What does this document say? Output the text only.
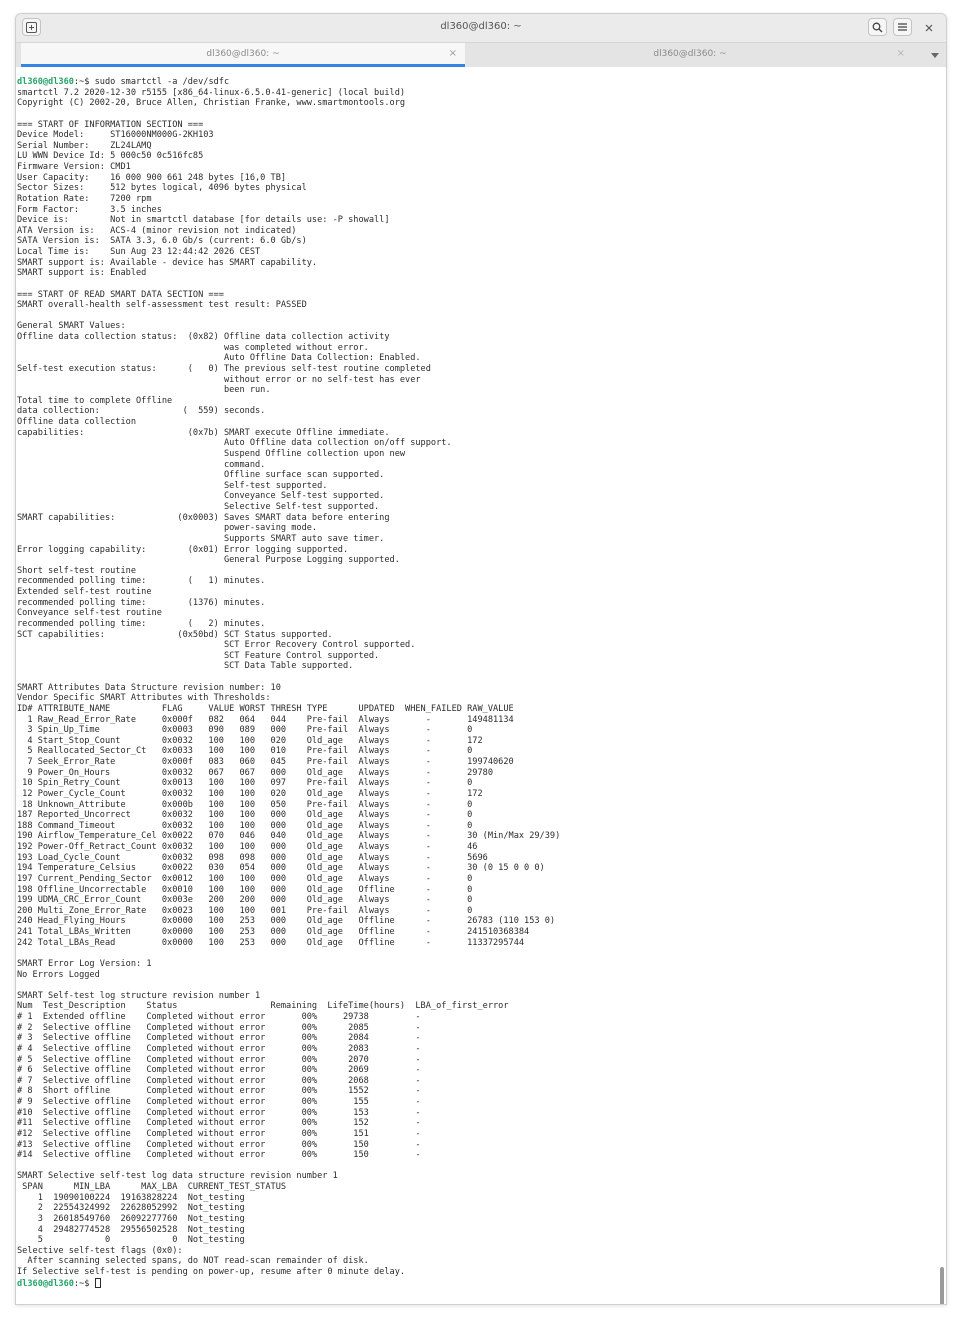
dl360@dl360: ~
dl360@dl360: ~	×	dl360@dl360: ~	×
dl360@dl360:~$ sudo smartctl -a /dev/sdfc
smartctl 7.2 2020-12-30 r5155 [x86_64-linux-6.5.0-41-generic] (local build)
Copyright (C) 2002-20, Bruce Allen, Christian Franke, www.smartmontools.org

=== START OF INFORMATION SECTION ===
Device Model:     ST16000NM000G-2KH103
Serial Number:    ZL24LAMQ
LU WWN Device Id: 5 000c50 0c516fc85
Firmware Version: CMD1
User Capacity:    16 000 900 661 248 bytes [16,0 TB]
Sector Sizes:     512 bytes logical, 4096 bytes physical
Rotation Rate:    7200 rpm
Form Factor:      3.5 inches
Device is:        Not in smartctl database [for details use: -P showall]
ATA Version is:   ACS-4 (minor revision not indicated)
SATA Version is:  SATA 3.3, 6.0 Gb/s (current: 6.0 Gb/s)
Local Time is:    Sun Aug 23 12:44:42 2026 CEST
SMART support is: Available - device has SMART capability.
SMART support is: Enabled

=== START OF READ SMART DATA SECTION ===
SMART overall-health self-assessment test result: PASSED

General SMART Values:
Offline data collection status:  (0x82) Offline data collection activity
was completed without error.
Auto Offline Data Collection: Enabled.
Self-test execution status:      (   0) The previous self-test routine completed
without error or no self-test has ever
been run.
Total time to complete Offline
data collection:                (  559) seconds.
Offline data collection
capabilities:                    (0x7b) SMART execute Offline immediate.
Auto Offline data collection on/off support.
Suspend Offline collection upon new
command.
Offline surface scan supported.
Self-test supported.
Conveyance Self-test supported.
Selective Self-test supported.
SMART capabilities:            (0x0003) Saves SMART data before entering
power-saving mode.
Supports SMART auto save timer.
Error logging capability:        (0x01) Error logging supported.
General Purpose Logging supported.
Short self-test routine
recommended polling time:        (   1) minutes.
Extended self-test routine
recommended polling time:        (1376) minutes.
Conveyance self-test routine
recommended polling time:        (   2) minutes.
SCT capabilities:              (0x50bd) SCT Status supported.
SCT Error Recovery Control supported.
SCT Feature Control supported.
SCT Data Table supported.

SMART Attributes Data Structure revision number: 10
Vendor Specific SMART Attributes with Thresholds:
ID# ATTRIBUTE_NAME          FLAG     VALUE WORST THRESH TYPE      UPDATED  WHEN_FAILED RAW_VALUE
1 Raw_Read_Error_Rate     0x000f   082   064   044    Pre-fail  Always       -       149481134
3 Spin_Up_Time            0x0003   090   089   000    Pre-fail  Always       -       0
4 Start_Stop_Count        0x0032   100   100   020    Old_age   Always       -       172
5 Reallocated_Sector_Ct   0x0033   100   100   010    Pre-fail  Always       -       0
7 Seek_Error_Rate         0x000f   083   060   045    Pre-fail  Always       -       199740620
9 Power_On_Hours          0x0032   067   067   000    Old_age   Always       -       29780
10 Spin_Retry_Count        0x0013   100   100   097    Pre-fail  Always       -       0
12 Power_Cycle_Count       0x0032   100   100   020    Old_age   Always       -       172
18 Unknown_Attribute       0x000b   100   100   050    Pre-fail  Always       -       0
187 Reported_Uncorrect      0x0032   100   100   000    Old_age   Always       -       0
188 Command_Timeout         0x0032   100   100   000    Old_age   Always       -       0
190 Airflow_Temperature_Cel 0x0022   070   046   040    Old_age   Always       -       30 (Min/Max 29/39)
192 Power-Off_Retract_Count 0x0032   100   100   000    Old_age   Always       -       46
193 Load_Cycle_Count        0x0032   098   098   000    Old_age   Always       -       5696
194 Temperature_Celsius     0x0022   030   054   000    Old_age   Always       -       30 (0 15 0 0 0)
197 Current_Pending_Sector  0x0012   100   100   000    Old_age   Always       -       0
198 Offline_Uncorrectable   0x0010   100   100   000    Old_age   Offline      -       0
199 UDMA_CRC_Error_Count    0x003e   200   200   000    Old_age   Always       -       0
200 Multi_Zone_Error_Rate   0x0023   100   100   001    Pre-fail  Always       -       0
240 Head_Flying_Hours       0x0000   100   253   000    Old_age   Offline      -       26783 (110 153 0)
241 Total_LBAs_Written      0x0000   100   253   000    Old_age   Offline      -       241510368384
242 Total_LBAs_Read         0x0000   100   253   000    Old_age   Offline      -       11337295744

SMART Error Log Version: 1
No Errors Logged

SMART Self-test log structure revision number 1
Num  Test_Description    Status                  Remaining  LifeTime(hours)  LBA_of_first_error
# 1  Extended offline    Completed without error       00%     29738         -
# 2  Selective offline   Completed without error       00%      2085         -
# 3  Selective offline   Completed without error       00%      2084         -
# 4  Selective offline   Completed without error       00%      2083         -
# 5  Selective offline   Completed without error       00%      2070         -
# 6  Selective offline   Completed without error       00%      2069         -
# 7  Selective offline   Completed without error       00%      2068         -
# 8  Short offline       Completed without error       00%      1552         -
# 9  Selective offline   Completed without error       00%       155         -
#10  Selective offline   Completed without error       00%       153         -
#11  Selective offline   Completed without error       00%       152         -
#12  Selective offline   Completed without error       00%       151         -
#13  Selective offline   Completed without error       00%       150         -
#14  Selective offline   Completed without error       00%       150         -

SMART Selective self-test log data structure revision number 1
SPAN      MIN_LBA      MAX_LBA  CURRENT_TEST_STATUS
1  19090100224  19163828224  Not_testing
2  22554324992  22628052992  Not_testing
3  26018549760  26092277760  Not_testing
4  29482774528  29556502528  Not_testing
5            0            0  Not_testing
Selective self-test flags (0x0):
After scanning selected spans, do NOT read-scan remainder of disk.
If Selective self-test is pending on power-up, resume after 0 minute delay.
dl360@dl360:~$
